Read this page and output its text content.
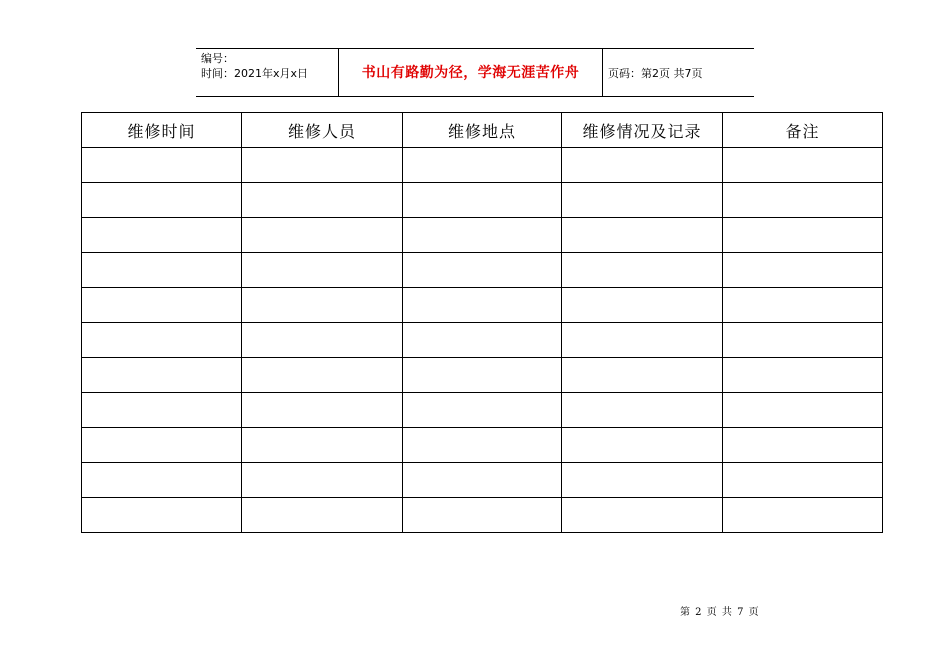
编号：
时间：2021年x月x日	书山有路勤为径，学海无涯苦作舟	页码：第2页 共7页
维修时间	维修人员	维修地点	维修情况及记录	备注

第 2 页 共 7 页
